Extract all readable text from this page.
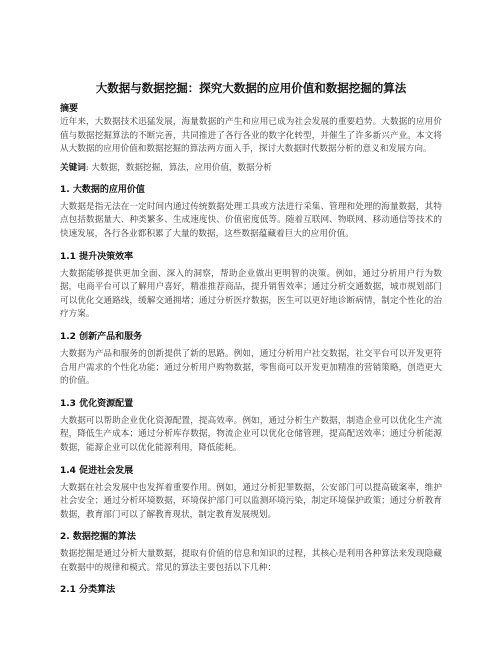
大数据与数据挖掘：探究大数据的应用价值和数据挖掘的算法
摘要

近年来，大数据技术迅猛发展，海量数据的产生和应用已成为社会发展的重要趋势。大数据的应用价值与数据挖掘算法的不断完善，共同推进了各行各业的数字化转型，并催生了许多新兴产业。本文将从大数据的应用价值和数据挖掘的算法两方面入手，探讨大数据时代数据分析的意义和发展方向。

关键词: 大数据，数据挖掘，算法，应用价值，数据分析
1. 大数据的应用价值

大数据是指无法在一定时间内通过传统数据处理工具或方法进行采集、管理和处理的海量数据，其特点包括数据量大、种类繁多、生成速度快、价值密度低等。随着互联网、物联网、移动通信等技术的快速发展，各行各业都积累了大量的数据，这些数据蕴藏着巨大的应用价值。

1.1 提升决策效率

大数据能够提供更加全面、深入的洞察，帮助企业做出更明智的决策。例如，通过分析用户行为数据，电商平台可以了解用户喜好，精准推荐商品，提升销售效率；通过分析交通数据，城市规划部门可以优化交通路线，缓解交通拥堵；通过分析医疗数据，医生可以更好地诊断病情，制定个性化的治疗方案。

1.2 创新产品和服务

大数据为产品和服务的创新提供了新的思路。例如，通过分析用户社交数据，社交平台可以开发更符合用户需求的个性化功能；通过分析用户购物数据，零售商可以开发更加精准的营销策略，创造更大的价值。

1.3 优化资源配置

大数据可以帮助企业优化资源配置，提高效率。例如，通过分析生产数据，制造企业可以优化生产流程，降低生产成本；通过分析库存数据，物流企业可以优化仓储管理，提高配送效率；通过分析能源数据，能源企业可以优化能源利用，降低能耗。

1.4 促进社会发展

大数据在社会发展中也发挥着重要作用。例如，通过分析犯罪数据，公安部门可以提高破案率，维护社会安全；通过分析环境数据，环境保护部门可以监测环境污染，制定环境保护政策；通过分析教育数据，教育部门可以了解教育现状，制定教育发展规划。

2. 数据挖掘的算法

数据挖掘是通过分析大量数据，提取有价值的信息和知识的过程，其核心是利用各种算法来发现隐藏在数据中的规律和模式。常见的算法主要包括以下几种：

2.1 分类算法
